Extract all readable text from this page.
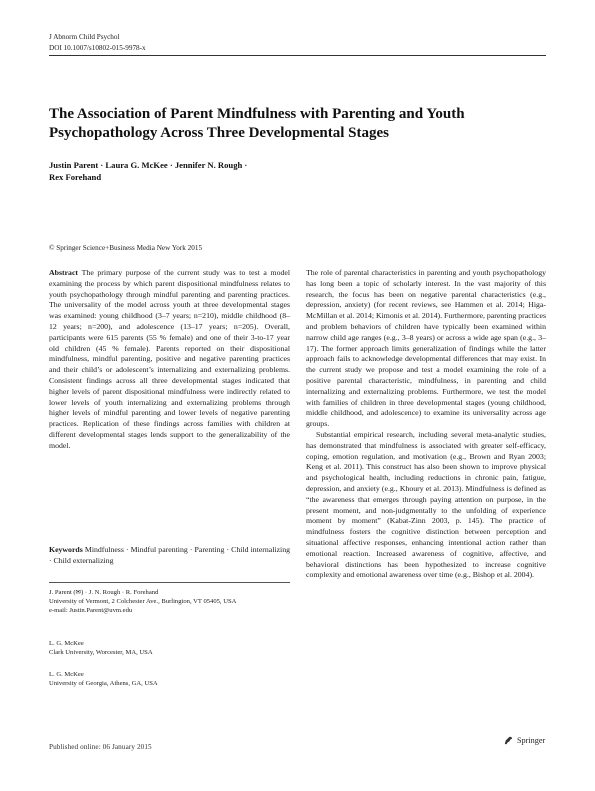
J Abnorm Child Psychol
DOI 10.1007/s10802-015-9978-x
The Association of Parent Mindfulness with Parenting and Youth Psychopathology Across Three Developmental Stages
Justin Parent · Laura G. McKee · Jennifer N. Rough ·
Rex Forehand
© Springer Science+Business Media New York 2015

Abstract The primary purpose of the current study was to test a model examining the process by which parent dispositional mindfulness relates to youth psychopathology through mindful parenting and parenting practices. The universality of the model across youth at three developmental stages was examined: young childhood (3–7 years; n=210), middle childhood (8–12 years; n=200), and adolescence (13–17 years; n=205). Overall, participants were 615 parents (55 % female) and one of their 3-to-17 year old children (45 % female). Parents reported on their dispositional mindfulness, mindful parenting, positive and negative parenting practices and their child’s or adolescent’s internalizing and externalizing problems. Consistent findings across all three developmental stages indicated that higher levels of parent dispositional mindfulness were indirectly related to lower levels of youth internalizing and externalizing problems through higher levels of mindful parenting and lower levels of negative parenting practices. Replication of these findings across families with children at different developmental stages lends support to the generalizability of the model.

Keywords Mindfulness · Mindful parenting · Parenting · Child internalizing · Child externalizing
J. Parent (✉) · J. N. Rough · R. Forehand
University of Vermont, 2 Colchester Ave., Burlington, VT 05405, USA
e-mail: Justin.Parent@uvm.edu
L. G. McKee
Clark University, Worcester, MA, USA
L. G. McKee
University of Georgia, Athens, GA, USA

The role of parental characteristics in parenting and youth psychopathology has long been a topic of scholarly interest. In the vast majority of this research, the focus has been on negative parental characteristics (e.g., depression, anxiety) (for recent reviews, see Hammen et al. 2014; Higa-McMillan et al. 2014; Kimonis et al. 2014). Furthermore, parenting practices and problem behaviors of children have typically been examined within narrow child age ranges (e.g., 3–8 years) or across a wide age span (e.g., 3–17). The former approach limits generalization of findings while the latter approach fails to acknowledge developmental differences that may exist. In the current study we propose and test a model examining the role of a positive parental characteristic, mindfulness, in parenting and child internalizing and externalizing problems. Furthermore, we test the model with families of children in three developmental stages (young childhood, middle childhood, and adolescence) to examine its universality across age groups.

Substantial empirical research, including several meta-analytic studies, has demonstrated that mindfulness is associated with greater self-efficacy, coping, emotion regulation, and motivation (e.g., Brown and Ryan 2003; Keng et al. 2011). This construct has also been shown to improve physical and psychological health, including reductions in chronic pain, fatigue, depression, and anxiety (e.g., Khoury et al. 2013). Mindfulness is defined as “the awareness that emerges through paying attention on purpose, in the present moment, and non-judgmentally to the unfolding of experience moment by moment” (Kabat-Zinn 2003, p. 145). The practice of mindfulness fosters the cognitive distinction between perception and situational affective responses, enhancing intentional action rather than emotional reaction. Increased awareness of cognitive, affective, and behavioral distinctions has been hypothesized to increase cognitive complexity and emotional awareness over time (e.g., Bishop et al. 2004).

Published online: 06 January 2015
Springer
